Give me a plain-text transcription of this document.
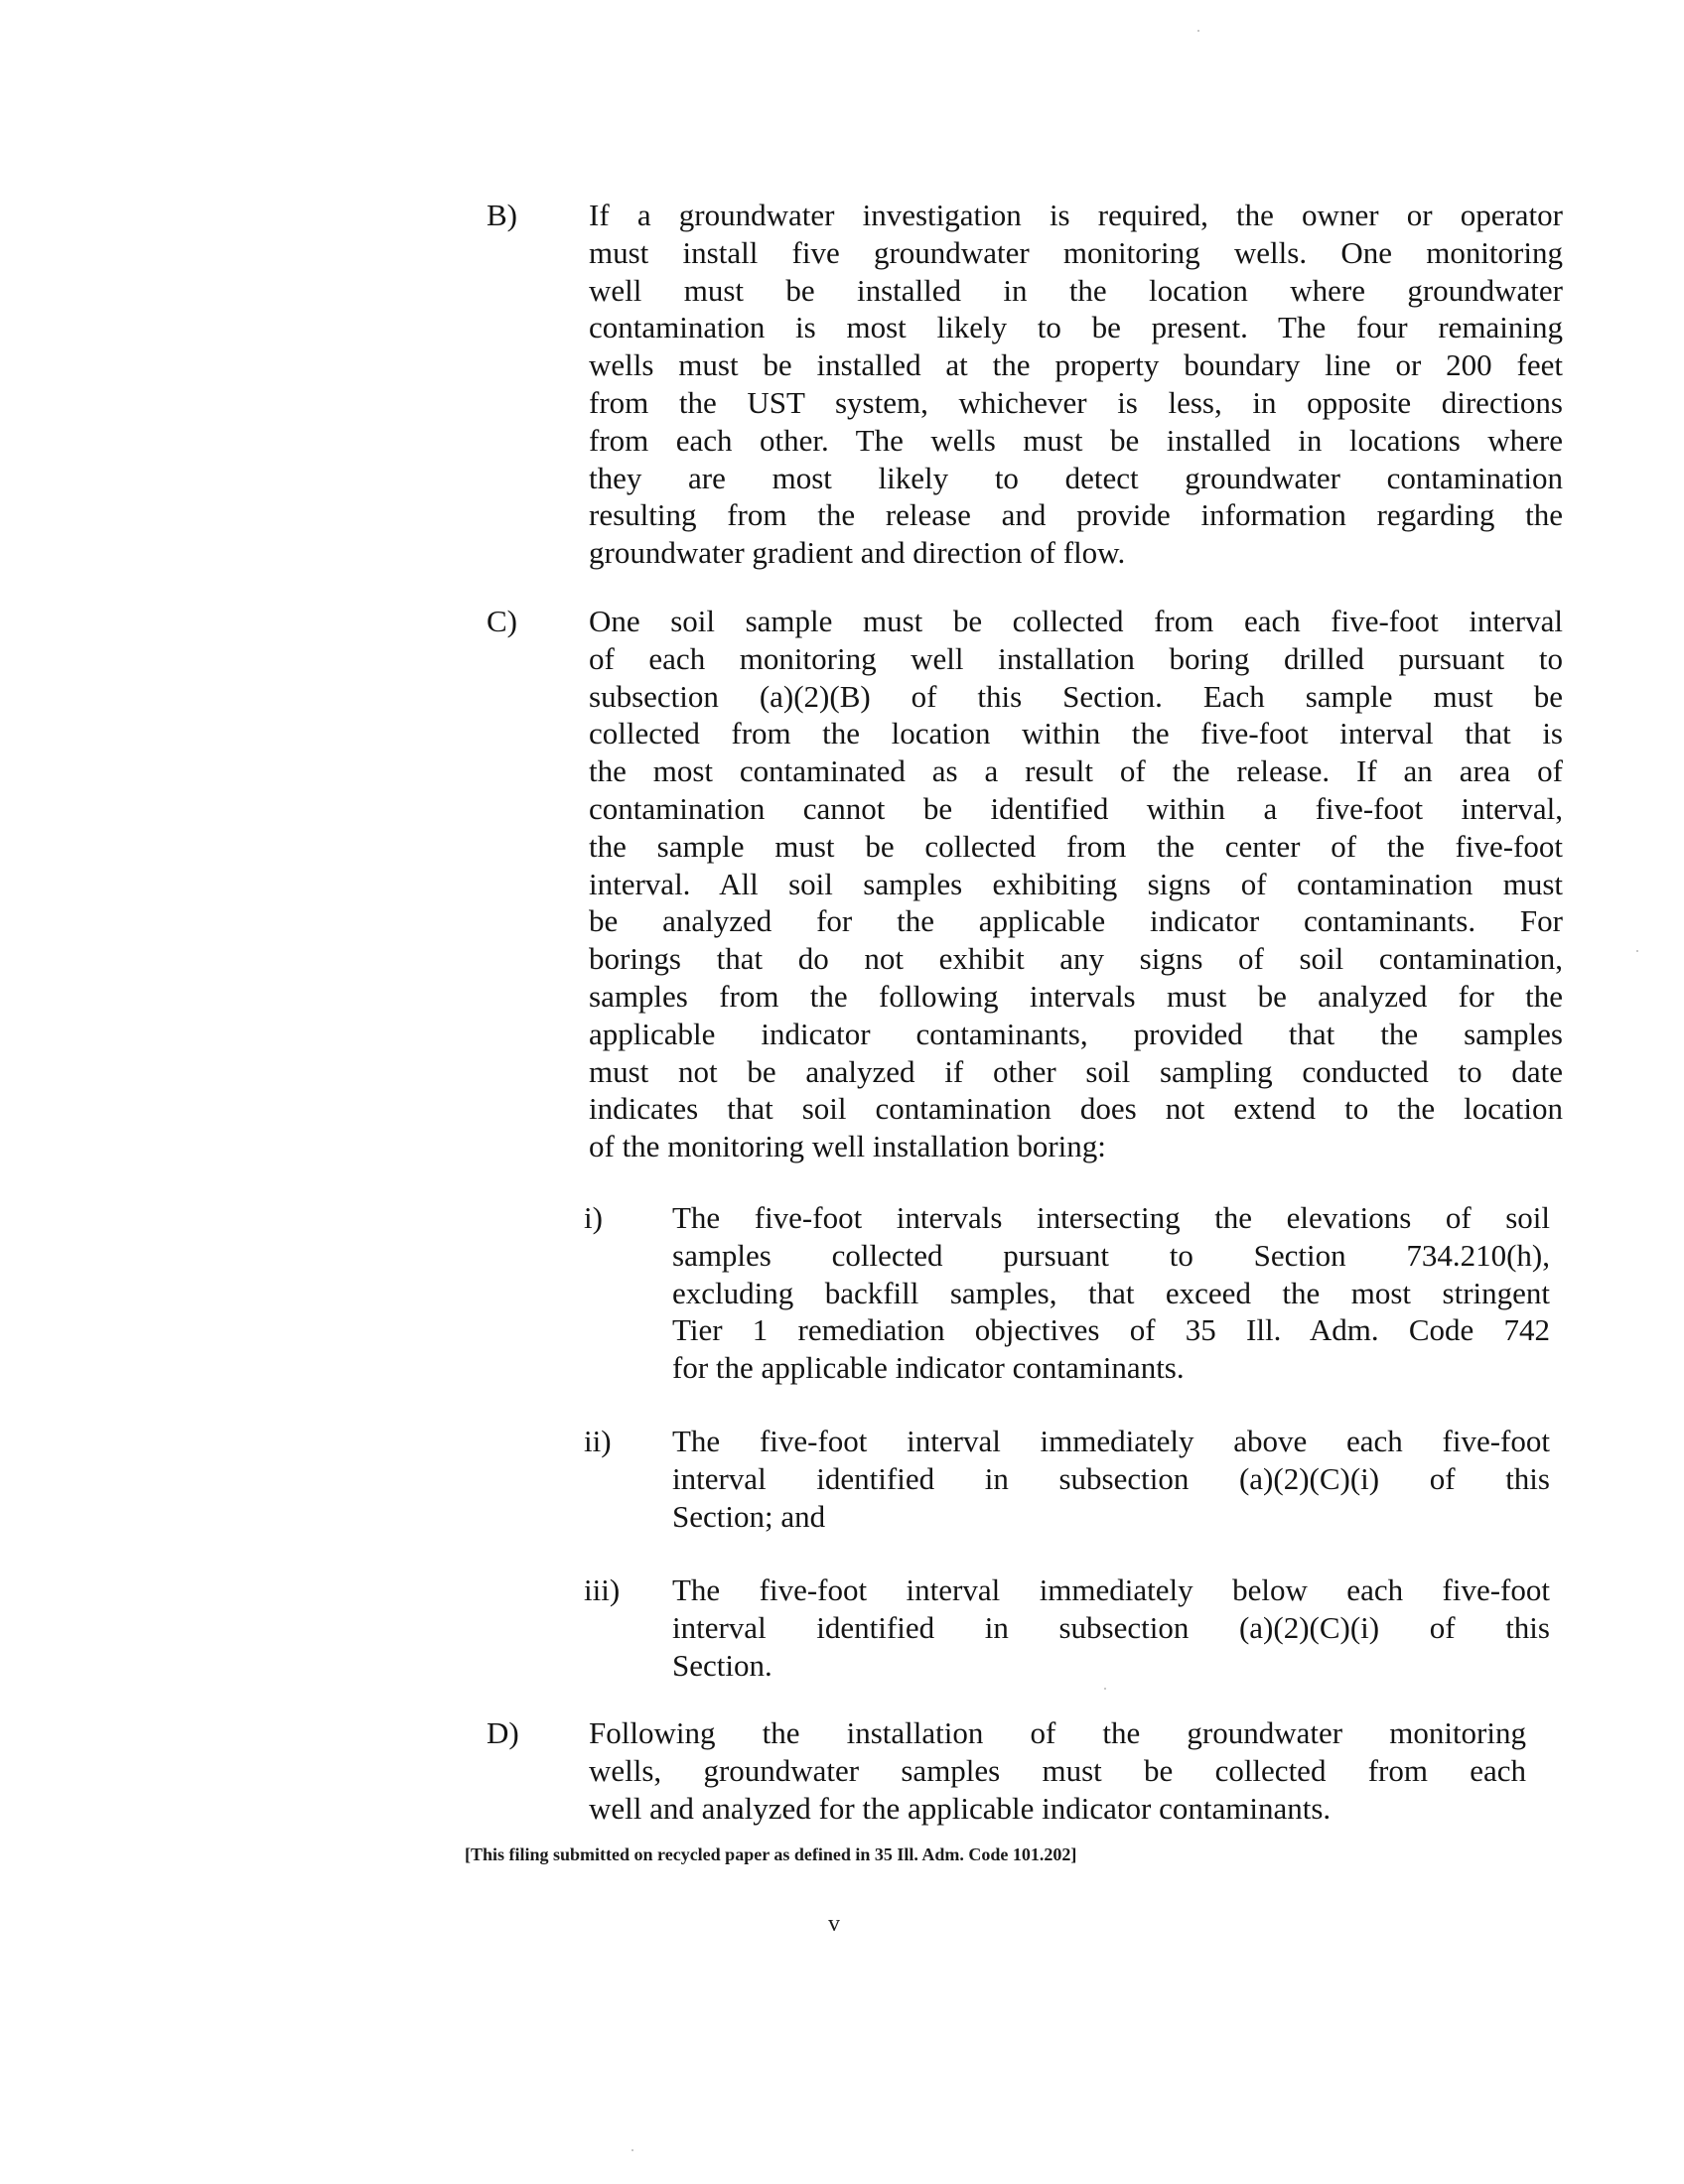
B) If a groundwater investigation is required, the owner or operator
must install five groundwater monitoring wells. One monitoring
well must be installed in the location where groundwater
contamination is most likely to be present. The four remaining
wells must be installed at the property boundary line or 200 feet
from the UST system, whichever is less, in opposite directions
from each other. The wells must be installed in locations where
they are most likely to detect groundwater contamination
resulting from the release and provide information regarding the
groundwater gradient and direction of flow.
C) One soil sample must be collected from each five-foot interval
of each monitoring well installation boring drilled pursuant to
subsection (a)(2)(B) of this Section. Each sample must be
collected from the location within the five-foot interval that is
the most contaminated as a result of the release. If an area of
contamination cannot be identified within a five-foot interval,
the sample must be collected from the center of the five-foot
interval. All soil samples exhibiting signs of contamination must
be analyzed for the applicable indicator contaminants. For
borings that do not exhibit any signs of soil contamination,
samples from the following intervals must be analyzed for the
applicable indicator contaminants, provided that the samples
must not be analyzed if other soil sampling conducted to date
indicates that soil contamination does not extend to the location
of the monitoring well installation boring:
i) The five-foot intervals intersecting the elevations of soil
samples collected pursuant to Section 734.210(h),
excluding backfill samples, that exceed the most stringent
Tier 1 remediation objectives of 35 Ill. Adm. Code 742
for the applicable indicator contaminants.
ii) The five-foot interval immediately above each five-foot
interval identified in subsection (a)(2)(C)(i) of this
Section; and
iii) The five-foot interval immediately below each five-foot
interval identified in subsection (a)(2)(C)(i) of this
Section.
D) Following the installation of the groundwater monitoring
wells, groundwater samples must be collected from each
well and analyzed for the applicable indicator contaminants.
[This filing submitted on recycled paper as defined in 35 Ill. Adm. Code 101.202]
v
